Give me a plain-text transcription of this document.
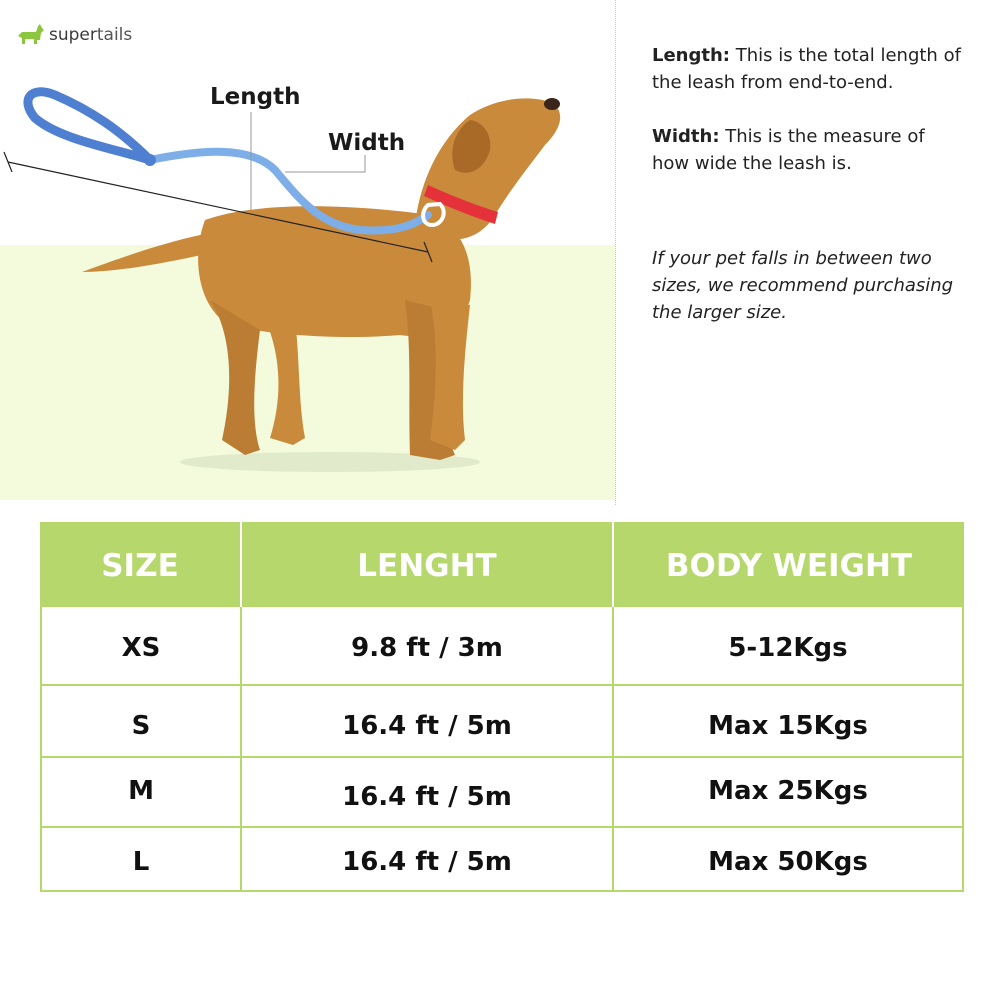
supertails
Length
Width
Length: This is the total length of the leash from end-to-end.
Width: This is the measure of how wide the leash is.
If your pet falls in between two sizes, we recommend purchasing the larger size.
SIZE	LENGHT	BODY WEIGHT
XS	9.8 ft / 3m	5-12Kgs
S	16.4 ft / 5m	Max 15Kgs
M	16.4 ft / 5m	Max 25Kgs
L	16.4 ft / 5m	Max 50Kgs
